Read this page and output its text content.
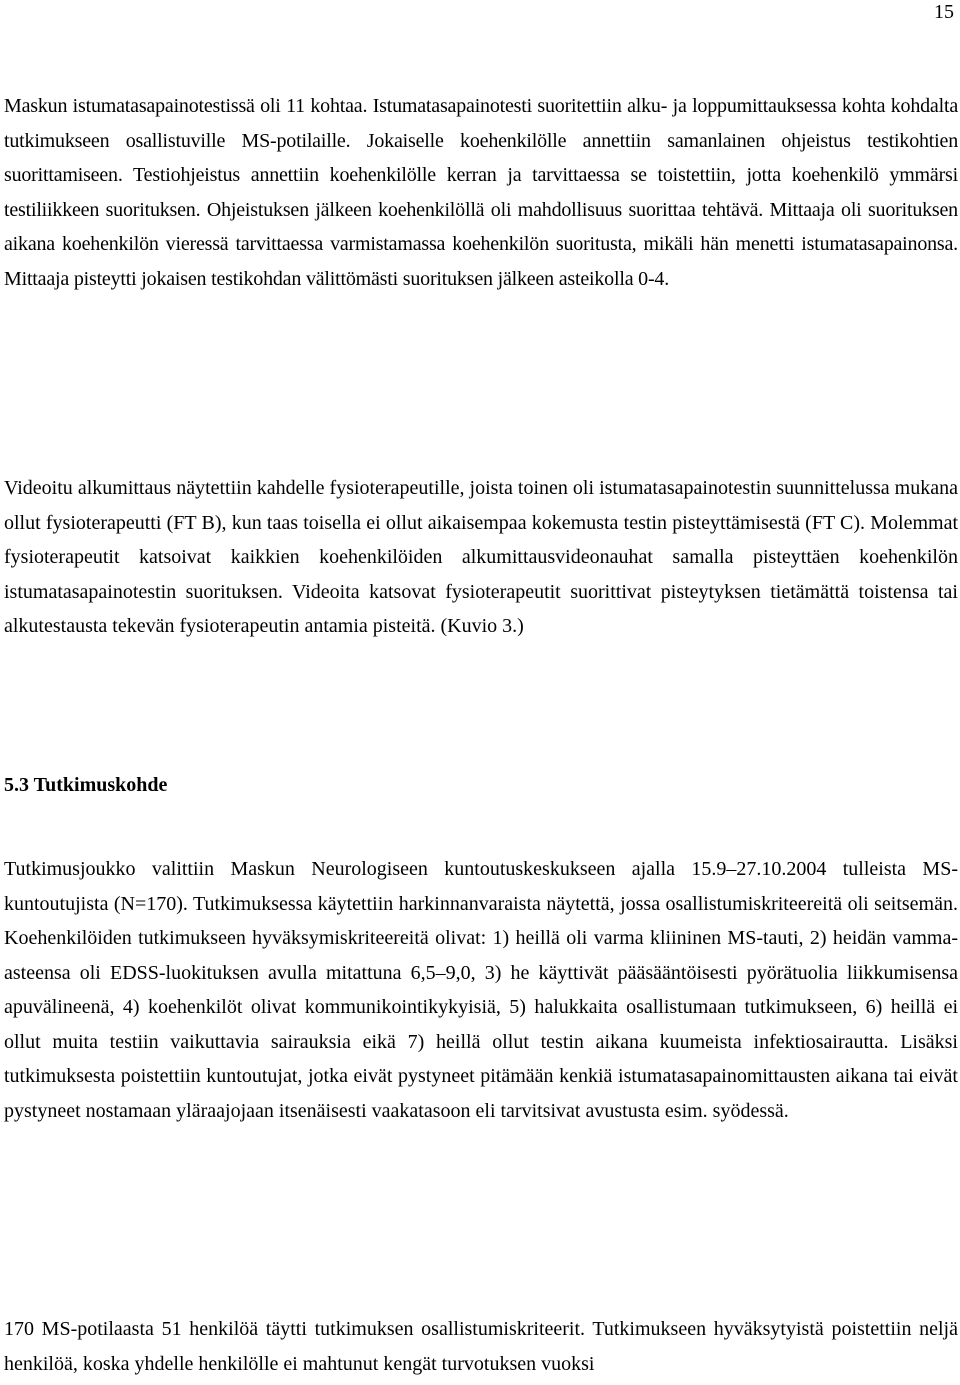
15

Maskun istumatasapainotestissä oli 11 kohtaa. Istumatasapainotesti suoritettiin alku- ja loppumittauksessa kohta kohdalta tutkimukseen osallistuville MS-potilaille. Jokaiselle koehenkilölle annettiin samanlainen ohjeistus testikohtien suorittamiseen. Testiohjeistus annettiin koehenkilölle kerran ja tarvittaessa se toistettiin, jotta koehenkilö ymmärsi testiliikkeen suorituksen. Ohjeistuksen jälkeen koehenkilöllä oli mahdollisuus suorittaa tehtävä. Mittaaja oli suorituksen aikana koehenkilön vieressä tarvittaessa varmistamassa koehenkilön suoritusta, mikäli hän menetti istumatasapainonsa. Mittaaja pisteytti jokaisen testikohdan välittömästi suorituksen jälkeen asteikolla 0-4.

Videoitu alkumittaus näytettiin kahdelle fysioterapeutille, joista toinen oli istumatasapainotestin suunnittelussa mukana ollut fysioterapeutti (FT B), kun taas toisella ei ollut aikaisempaa kokemusta testin pisteyttämisestä (FT C). Molemmat fysioterapeutit katsoivat kaikkien koehenkilöiden alkumittausvideonauhat samalla pisteyttäen koehenkilön istumatasapainotestin suorituksen. Videoita katsovat fysioterapeutit suorittivat pisteytyksen tietämättä toistensa tai alkutestausta tekevän fysioterapeutin antamia pisteitä. (Kuvio 3.)

5.3 Tutkimuskohde

Tutkimusjoukko valittiin Maskun Neurologiseen kuntoutuskeskukseen ajalla 15.9–27.10.2004 tulleista MS-kuntoutujista (N=170). Tutkimuksessa käytettiin harkinnanvaraista näytettä, jossa osallistumiskriteereitä oli seitsemän. Koehenkilöiden tutkimukseen hyväksymiskriteereitä olivat: 1) heillä oli varma kliininen MS-tauti, 2) heidän vamma-asteensa oli EDSS-luokituksen avulla mitattuna 6,5–9,0, 3) he käyttivät pääsääntöisesti pyörätuolia liikkumisensa apuvälineenä, 4) koehenkilöt olivat kommunikointikykyisiä, 5) halukkaita osallistumaan tutkimukseen, 6) heillä ei ollut muita testiin vaikuttavia sairauksia eikä 7) heillä ollut testin aikana kuumeista infektiosairautta. Lisäksi tutkimuksesta poistettiin kuntoutujat, jotka eivät pystyneet pitämään kenkiä istumatasapainomittausten aikana tai eivät pystyneet nostamaan yläraajojaan itsenäisesti vaakatasoon eli tarvitsivat avustusta esim. syödessä.

170 MS-potilaasta 51 henkilöä täytti tutkimuksen osallistumiskriteerit. Tutkimukseen hyväksytyistä poistettiin neljä henkilöä, koska yhdelle henkilölle ei mahtunut kengät turvotuksen vuoksi
